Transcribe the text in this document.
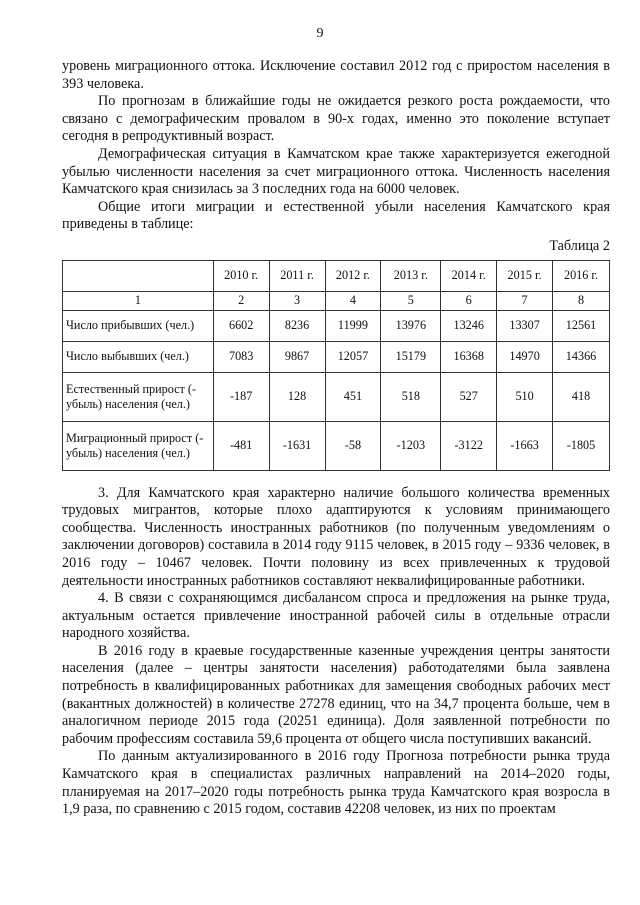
9

уровень миграционного оттока. Исключение составил 2012 год с приростом населения в 393 человека.

По прогнозам в ближайшие годы не ожидается резкого роста рождаемости, что связано с демографическим провалом в 90-х годах, именно это поколение вступает сегодня в репродуктивный возраст.

Демографическая ситуация в Камчатском крае также характеризуется ежегодной убылью численности населения за счет миграционного оттока. Численность населения Камчатского края снизилась за 3 последних года на 6000 человек.

Общие итоги миграции и естественной убыли населения Камчатского края приведены в таблице:

Таблица 2
	2010 г.	2011 г.	2012 г.	2013 г.	2014 г.	2015 г.	2016 г.
1	2	3	4	5	6	7	8
Число прибывших (чел.)	6602	8236	11999	13976	13246	13307	12561
Число выбывших (чел.)	7083	9867	12057	15179	16368	14970	14366
Естественный прирост (- убыль) населения (чел.)	-187	128	451	518	527	510	418
Миграционный прирост (- убыль) населения (чел.)	-481	-1631	-58	-1203	-3122	-1663	-1805

3. Для Камчатского края характерно наличие большого количества временных трудовых мигрантов, которые плохо адаптируются к условиям принимающего сообщества. Численность иностранных работников (по полученным уведомлениям о заключении договоров) составила в 2014 году 9115 человек, в 2015 году – 9336 человек, в 2016 году – 10467 человек. Почти половину из всех привлеченных к трудовой деятельности иностранных работников составляют неквалифицированные работники.

4. В связи с сохраняющимся дисбалансом спроса и предложения на рынке труда, актуальным остается привлечение иностранной рабочей силы в отдельные отрасли народного хозяйства.

В 2016 году в краевые государственные казенные учреждения центры занятости населения (далее – центры занятости населения) работодателями была заявлена потребность в квалифицированных работниках для замещения свободных рабочих мест (вакантных должностей) в количестве 27278 единиц, что на 34,7 процента больше, чем в аналогичном периоде 2015 года (20251 единица). Доля заявленной потребности по рабочим профессиям составила 59,6 процента от общего числа поступивших вакансий.

По данным актуализированного в 2016 году Прогноза потребности рынка труда Камчатского края в специалистах различных направлений на 2014–2020 годы, планируемая на 2017–2020 годы потребность рынка труда Камчатского края возросла в 1,9 раза, по сравнению с 2015 годом, составив 42208 человек, из них по проектам
